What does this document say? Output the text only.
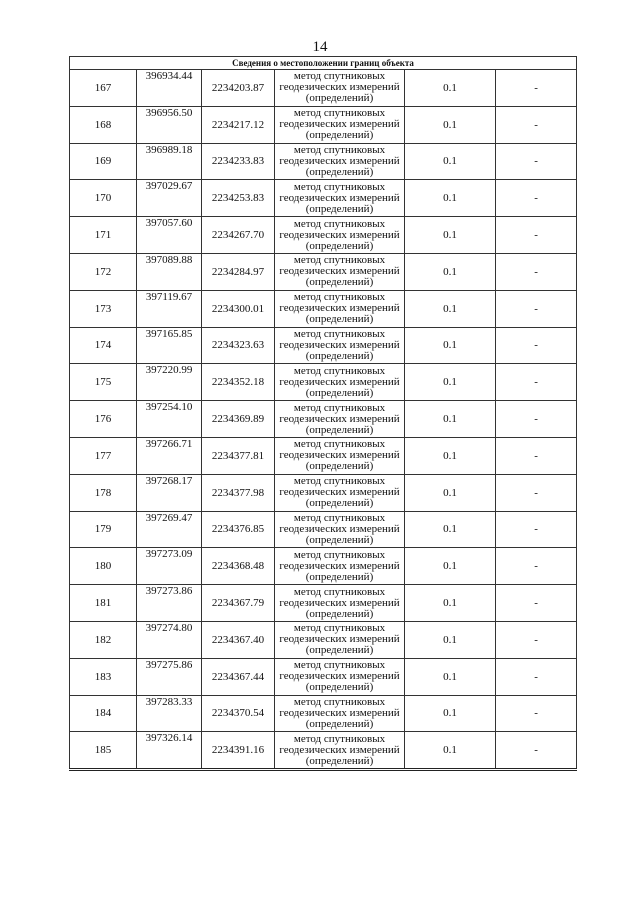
14
Сведения о местоположении границ объекта					
167	396934.44	2234203.87	метод спутниковых
геодезических измерений
(определений)	0.1	-
168	396956.50	2234217.12	метод спутниковых
геодезических измерений
(определений)	0.1	-
169	396989.18	2234233.83	метод спутниковых
геодезических измерений
(определений)	0.1	-
170	397029.67	2234253.83	метод спутниковых
геодезических измерений
(определений)	0.1	-
171	397057.60	2234267.70	метод спутниковых
геодезических измерений
(определений)	0.1	-
172	397089.88	2234284.97	метод спутниковых
геодезических измерений
(определений)	0.1	-
173	397119.67	2234300.01	метод спутниковых
геодезических измерений
(определений)	0.1	-
174	397165.85	2234323.63	метод спутниковых
геодезических измерений
(определений)	0.1	-
175	397220.99	2234352.18	метод спутниковых
геодезических измерений
(определений)	0.1	-
176	397254.10	2234369.89	метод спутниковых
геодезических измерений
(определений)	0.1	-
177	397266.71	2234377.81	метод спутниковых
геодезических измерений
(определений)	0.1	-
178	397268.17	2234377.98	метод спутниковых
геодезических измерений
(определений)	0.1	-
179	397269.47	2234376.85	метод спутниковых
геодезических измерений
(определений)	0.1	-
180	397273.09	2234368.48	метод спутниковых
геодезических измерений
(определений)	0.1	-
181	397273.86	2234367.79	метод спутниковых
геодезических измерений
(определений)	0.1	-
182	397274.80	2234367.40	метод спутниковых
геодезических измерений
(определений)	0.1	-
183	397275.86	2234367.44	метод спутниковых
геодезических измерений
(определений)	0.1	-
184	397283.33	2234370.54	метод спутниковых
геодезических измерений
(определений)	0.1	-
185	397326.14	2234391.16	метод спутниковых
геодезических измерений
(определений)	0.1	-
